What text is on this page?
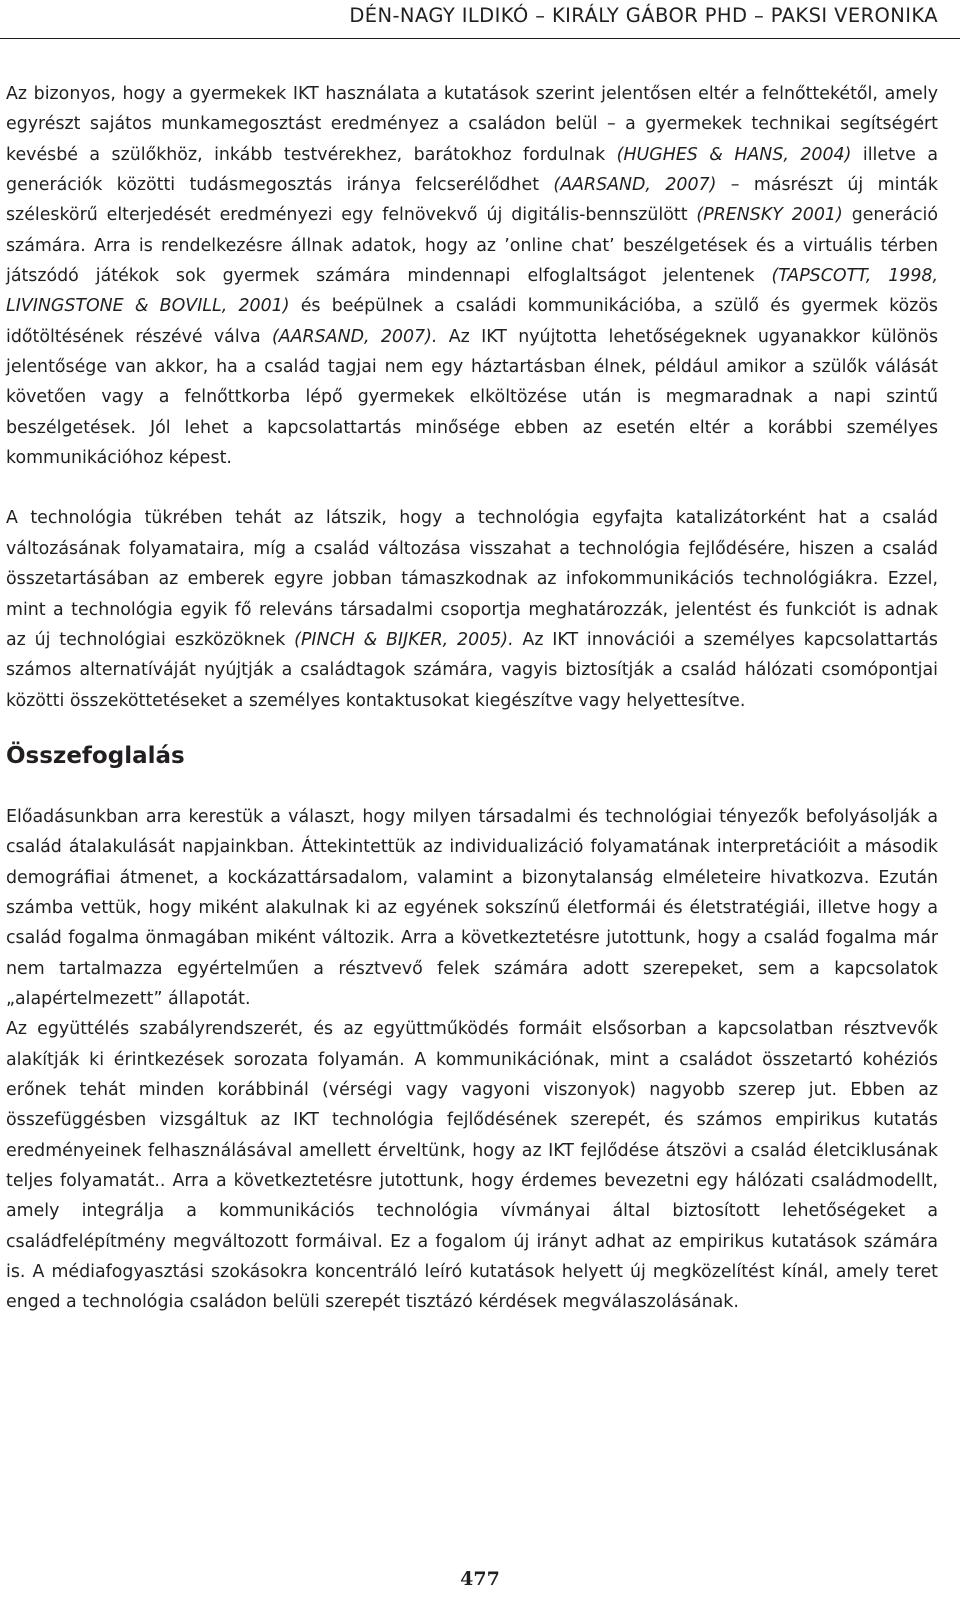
DÉN-NAGY ILDIKÓ – KIRÁLY GÁBOR PHD – PAKSI VERONIKA

Az bizonyos, hogy a gyermekek IKT használata a kutatások szerint jelentősen eltér a felnőttekétől, amely egyrészt sajátos munkamegosztást eredményez a családon belül – a gyermekek technikai segítségért kevésbé a szülőkhöz, inkább testvérekhez, barátokhoz fordulnak (HUGHES & HANS, 2004) illetve a generációk közötti tudásmegosztás iránya felcserélődhet (AARSAND, 2007) – másrészt új minták széleskörű elterjedését eredményezi egy felnövekvő új digitális-bennszülött (PRENSKY 2001) generáció számára. Arra is rendelkezésre állnak adatok, hogy az ’online chat’ beszélgetések és a virtuális térben játszódó játékok sok gyermek számára mindennapi elfoglaltságot jelentenek (TAPSCOTT, 1998, LIVINGSTONE & BOVILL, 2001) és beépülnek a családi kommunikációba, a szülő és gyermek közös időtöltésének részévé válva (AARSAND, 2007). Az IKT nyújtotta lehetőségeknek ugyanakkor különös jelentősége van akkor, ha a család tagjai nem egy háztartásban élnek, például amikor a szülők válását követően vagy a felnőttkorba lépő gyermekek elköltözése után is megmaradnak a napi szintű beszélgetések. Jól lehet a kapcsolattartás minősége ebben az esetén eltér a korábbi személyes kommunikációhoz képest.

A technológia tükrében tehát az látszik, hogy a technológia egyfajta katalizátorként hat a család változásának folyamataira, míg a család változása visszahat a technológia fejlődésére, hiszen a család összetartásában az emberek egyre jobban támaszkodnak az infokommunikációs technológiákra. Ezzel, mint a technológia egyik fő releváns társadalmi csoportja meghatározzák, jelentést és funkciót is adnak az új technológiai eszközöknek (PINCH & BIJKER, 2005). Az IKT innovációi a személyes kapcsolattartás számos alternatíváját nyújtják a családtagok számára, vagyis biztosítják a család hálózati csomópontjai közötti összeköttetéseket a személyes kontaktusokat kiegészítve vagy helyettesítve.

Összefoglalás

Előadásunkban arra kerestük a választ, hogy milyen társadalmi és technológiai tényezők befolyásolják a család átalakulását napjainkban. Áttekintettük az individualizáció folyamatának interpretációit a második demográfiai átmenet, a kockázattársadalom, valamint a bizonytalanság elméleteire hivatkozva. Ezután számba vettük, hogy miként alakulnak ki az egyének sokszínű életformái és életstratégiái, illetve hogy a család fogalma önmagában miként változik. Arra a következtetésre jutottunk, hogy a család fogalma már nem tartalmazza egyértelműen a résztvevő felek számára adott szerepeket, sem a kapcsolatok „alapértelmezett” állapotát.

Az együttélés szabályrendszerét, és az együttműködés formáit elsősorban a kapcsolatban résztvevők alakítják ki érintkezések sorozata folyamán. A kommunikációnak, mint a családot összetartó kohéziós erőnek tehát minden korábbinál (vérségi vagy vagyoni viszonyok) nagyobb szerep jut. Ebben az összefüggésben vizsgáltuk az IKT technológia fejlődésének szerepét, és számos empirikus kutatás eredményeinek felhasználásával amellett érveltünk, hogy az IKT fejlődése átszövi a család életciklusának teljes folyamatát.. Arra a következtetésre jutottunk, hogy érdemes bevezetni egy hálózati családmodellt, amely integrálja a kommunikációs technológia vívmányai által biztosított lehetőségeket a családfelépítmény megváltozott formáival. Ez a fogalom új irányt adhat az empirikus kutatások számára is. A médiafogyasztási szokásokra koncentráló leíró kutatások helyett új megközelítést kínál, amely teret enged a technológia családon belüli szerepét tisztázó kérdések megválaszolásának.

477
